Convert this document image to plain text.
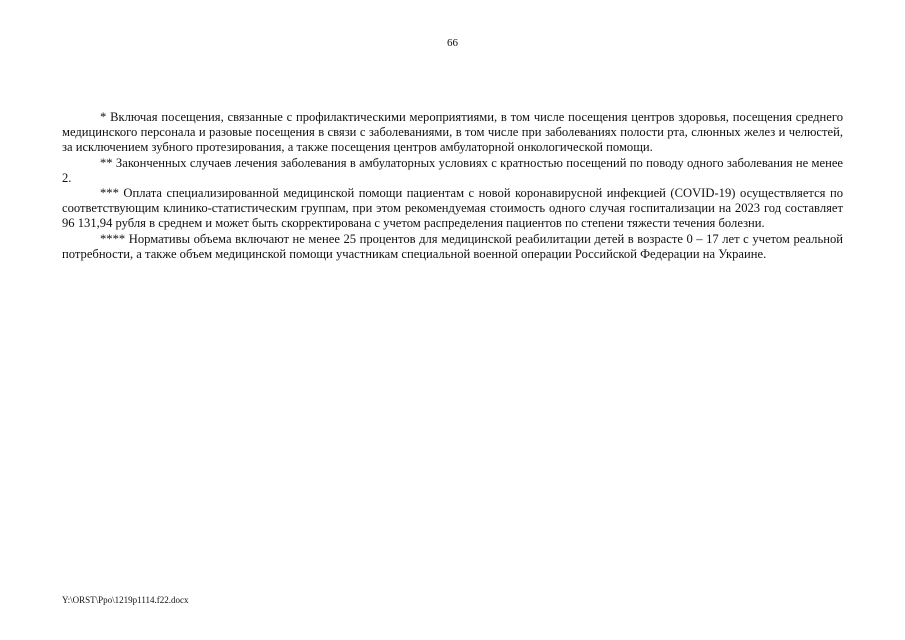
66

* Включая посещения, связанные с профилактическими мероприятиями, в том числе посещения центров здоровья, посещения среднего медицинского персонала и разовые посещения в связи с заболеваниями, в том числе при заболеваниях полости рта, слюнных желез и челюстей, за исключением зубного протезирования, а также посещения центров амбулаторной онкологической помощи.

** Законченных случаев лечения заболевания в амбулаторных условиях с кратностью посещений по поводу одного заболевания не менее 2.

*** Оплата специализированной медицинской помощи пациентам с новой коронавирусной инфекцией (COVID-19) осуществляется по соответствующим клинико-статистическим группам, при этом рекомендуемая стоимость одного случая госпитализации на 2023 год составляет 96 131,94 рубля в среднем и может быть скорректирована с учетом распределения пациентов по степени тяжести течения болезни.

**** Нормативы объема включают не менее 25 процентов для медицинской реабилитации детей в возрасте 0 – 17 лет с учетом реальной потребности, а также объем медицинской помощи участникам специальной военной операции Российской Федерации на Украине.

Y:\ORST\Ppo\1219p1114.f22.docx
